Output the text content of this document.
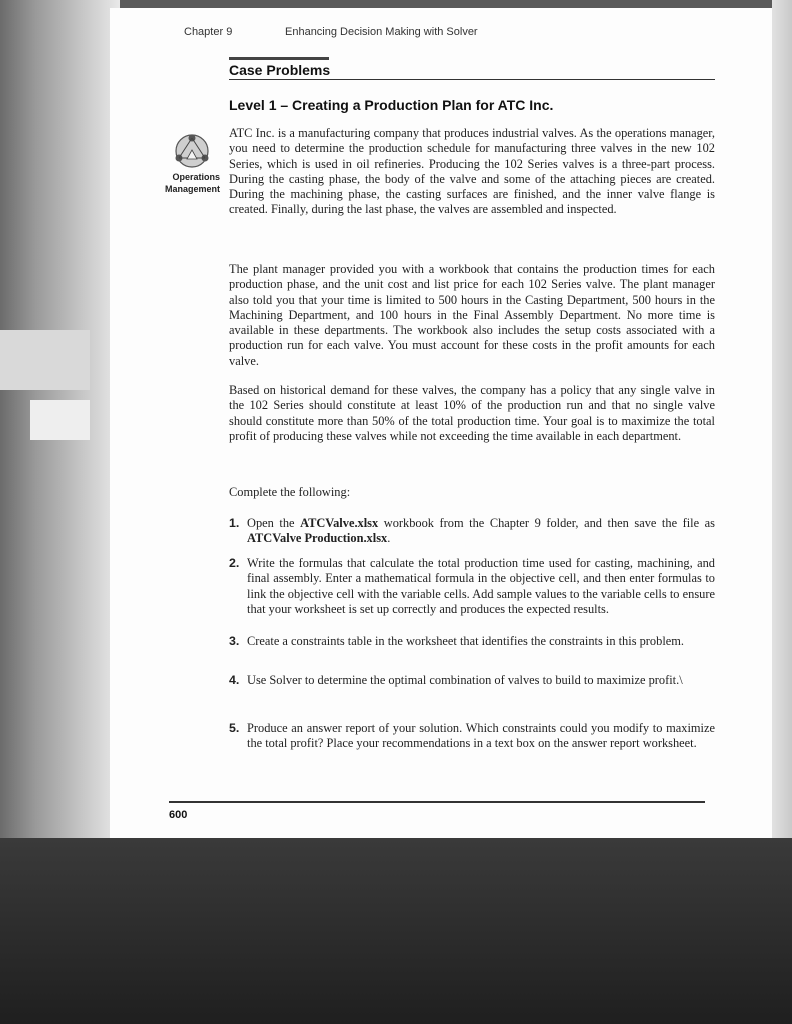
Chapter 9	Enhancing Decision Making with Solver
Case Problems
Level 1 – Creating a Production Plan for ATC Inc.
Operations
Management
ATC Inc. is a manufacturing company that produces industrial valves. As the operations manager, you need to determine the production schedule for manufacturing three valves in the new 102 Series, which is used in oil refineries. Producing the 102 Series valves is a three-part process. During the casting phase, the body of the valve and some of the attaching pieces are created. During the machining phase, the casting surfaces are finished, and the inner valve flange is created. Finally, during the last phase, the valves are assembled and inspected.
The plant manager provided you with a workbook that contains the production times for each production phase, and the unit cost and list price for each 102 Series valve. The plant manager also told you that your time is limited to 500 hours in the Casting Department, 500 hours in the Machining Department, and 100 hours in the Final Assembly Department. No more time is available in these departments. The workbook also includes the setup costs associated with a production run for each valve. You must account for these costs in the profit amounts for each valve.
Based on historical demand for these valves, the company has a policy that any single valve in the 102 Series should constitute at least 10% of the production run and that no single valve should constitute more than 50% of the total production time. Your goal is to maximize the total profit of producing these valves while not exceeding the time available in each department.
Complete the following:
1. Open the ATCValve.xlsx workbook from the Chapter 9 folder, and then save the file as ATCValve Production.xlsx.
2. Write the formulas that calculate the total production time used for casting, machining, and final assembly. Enter a mathematical formula in the objective cell, and then enter formulas to link the objective cell with the variable cells. Add sample values to the variable cells to ensure that your worksheet is set up correctly and produces the expected results.
3. Create a constraints table in the worksheet that identifies the constraints in this problem.
4. Use Solver to determine the optimal combination of valves to build to maximize profit.\
5. Produce an answer report of your solution. Which constraints could you modify to maximize the total profit? Place your recommendations in a text box on the answer report worksheet.
600
